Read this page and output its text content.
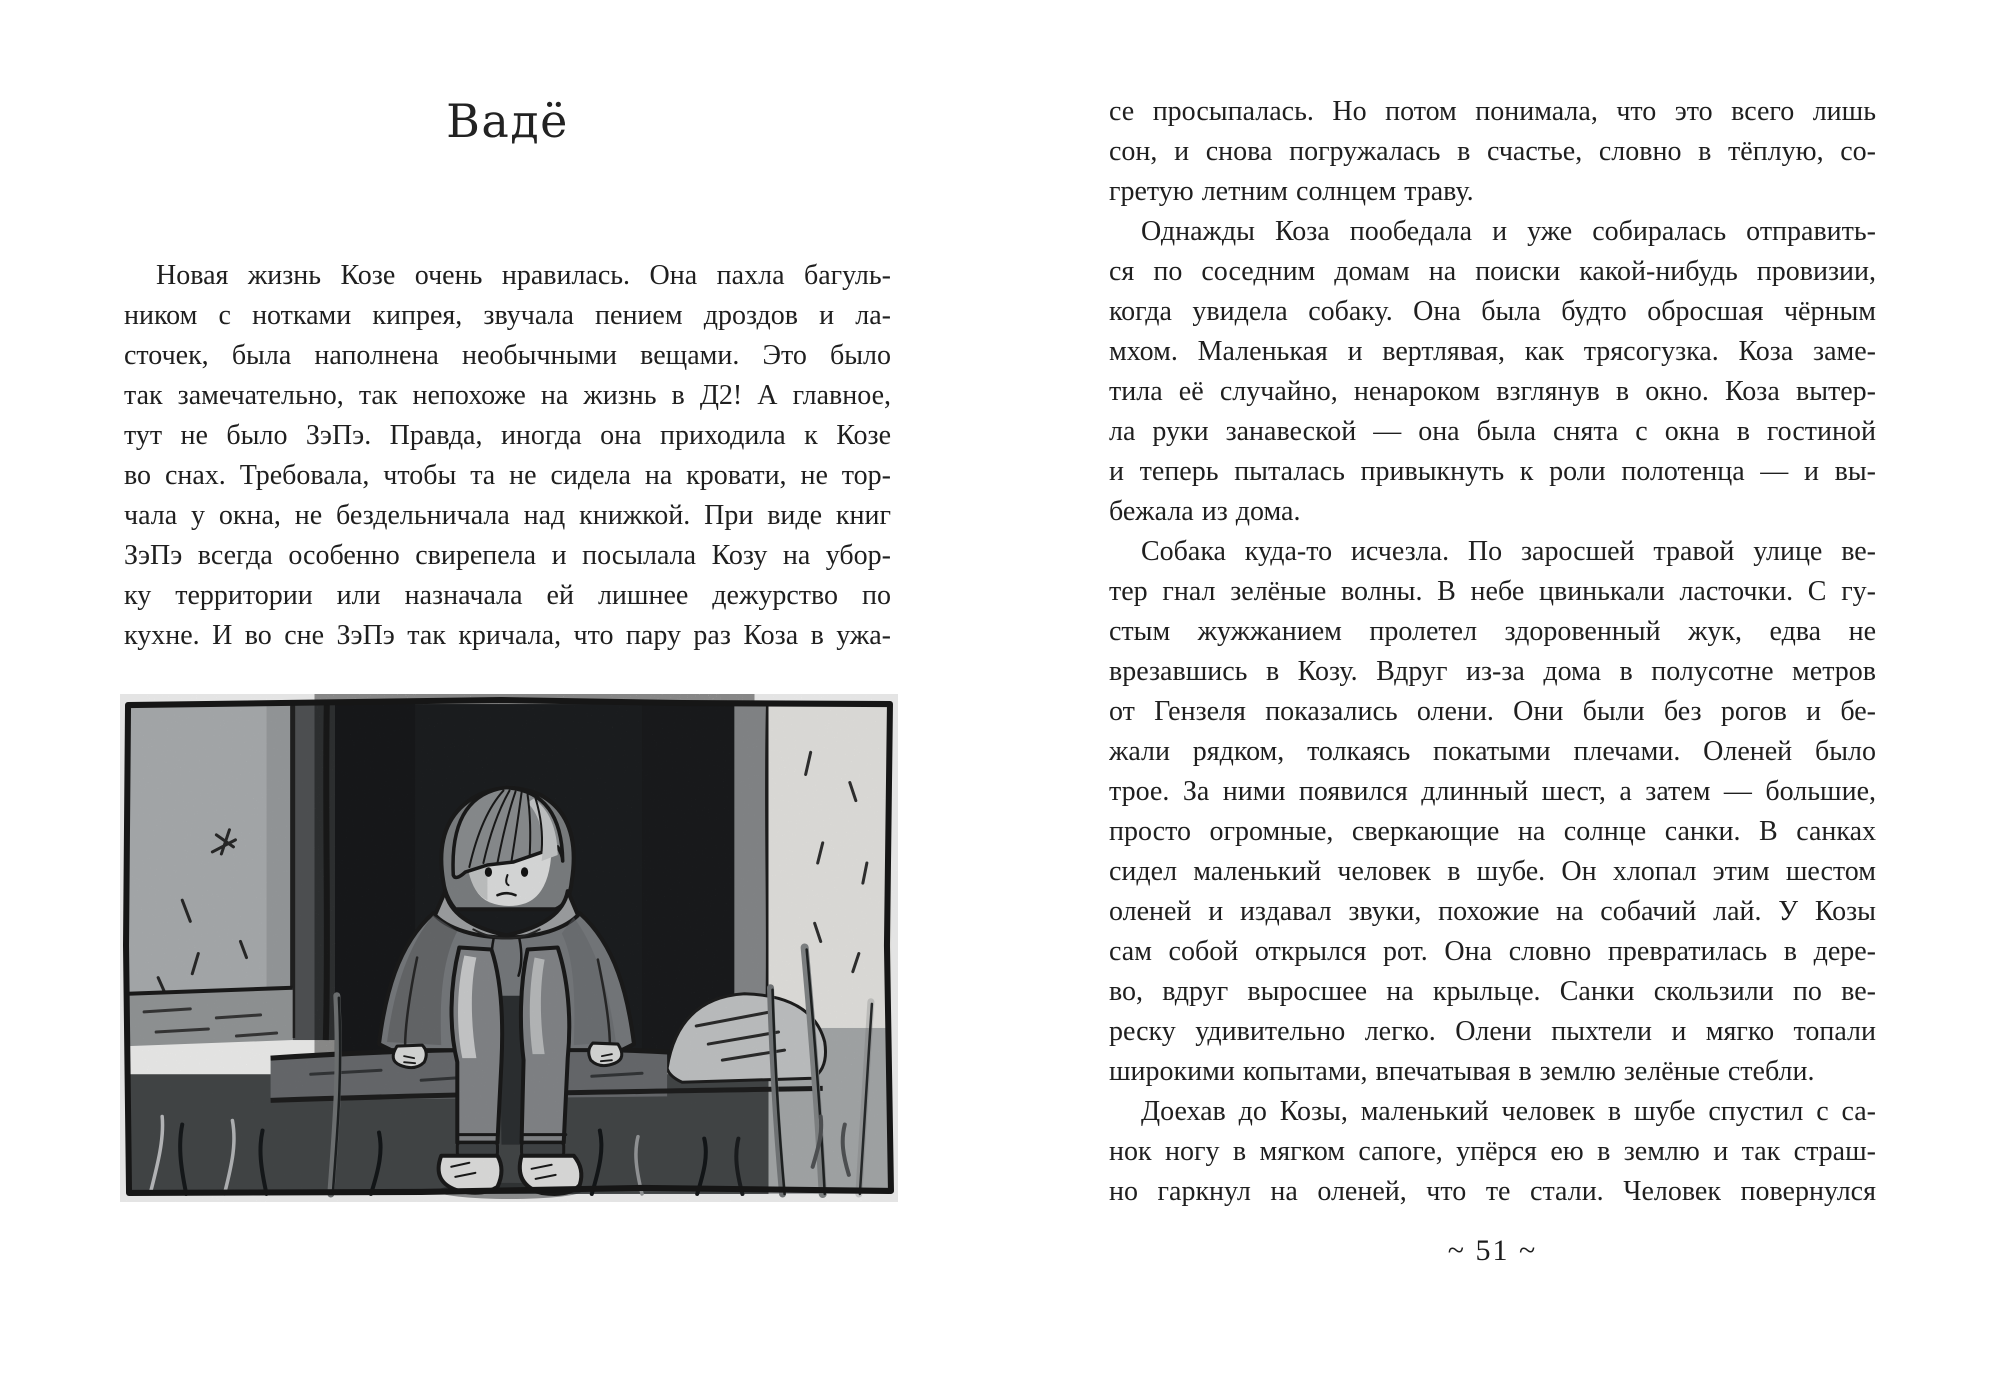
Вадё
Новая жизнь Козе очень нравилась. Она пахла багуль-
ником с нотками кипрея, звучала пением дроздов и ла-
сточек, была наполнена необычными вещами. Это было
так замечательно, так непохоже на жизнь в Д2! А главное,
тут не было ЗэПэ. Правда, иногда она приходила к Козе
во снах. Требовала, чтобы та не сидела на кровати, не тор-
чала у окна, не бездельничала над книжкой. При виде книг
ЗэПэ всегда особенно свирепела и посылала Козу на убор-
ку территории или назначала ей лишнее дежурство по
кухне. И во сне ЗэПэ так кричала, что пару раз Коза в ужа-
се просыпалась. Но потом понимала, что это всего лишь
сон, и снова погружалась в счастье, словно в тёплую, со-
гретую летним солнцем траву.
Однажды Коза пообедала и уже собиралась отправить-
ся по соседним домам на поиски какой-нибудь провизии,
когда увидела собаку. Она была будто обросшая чёрным
мхом. Маленькая и вертлявая, как трясогузка. Коза заме-
тила её случайно, ненароком взглянув в окно. Коза вытер-
ла руки занавеской — она была снята с окна в гостиной
и теперь пыталась привыкнуть к роли полотенца — и вы-
бежала из дома.
Собака куда-то исчезла. По заросшей травой улице ве-
тер гнал зелёные волны. В небе цвинькали ласточки. С гу-
стым жужжанием пролетел здоровенный жук, едва не
врезавшись в Козу. Вдруг из-за дома в полусотне метров
от Гензеля показались олени. Они были без рогов и бе-
жали рядком, толкаясь покатыми плечами. Оленей было
трое. За ними появился длинный шест, а затем — большие,
просто огромные, сверкающие на солнце санки. В санках
сидел маленький человек в шубе. Он хлопал этим шестом
оленей и издавал звуки, похожие на собачий лай. У Козы
сам собой открылся рот. Она словно превратилась в дере-
во, вдруг выросшее на крыльце. Санки скользили по ве-
реску удивительно легко. Олени пыхтели и мягко топали
широкими копытами, впечатывая в землю зелёные стебли.
Доехав до Козы, маленький человек в шубе спустил с са-
нок ногу в мягком сапоге, упёрся ею в землю и так страш-
но гаркнул на оленей, что те стали. Человек повернулся
~ 51 ~
